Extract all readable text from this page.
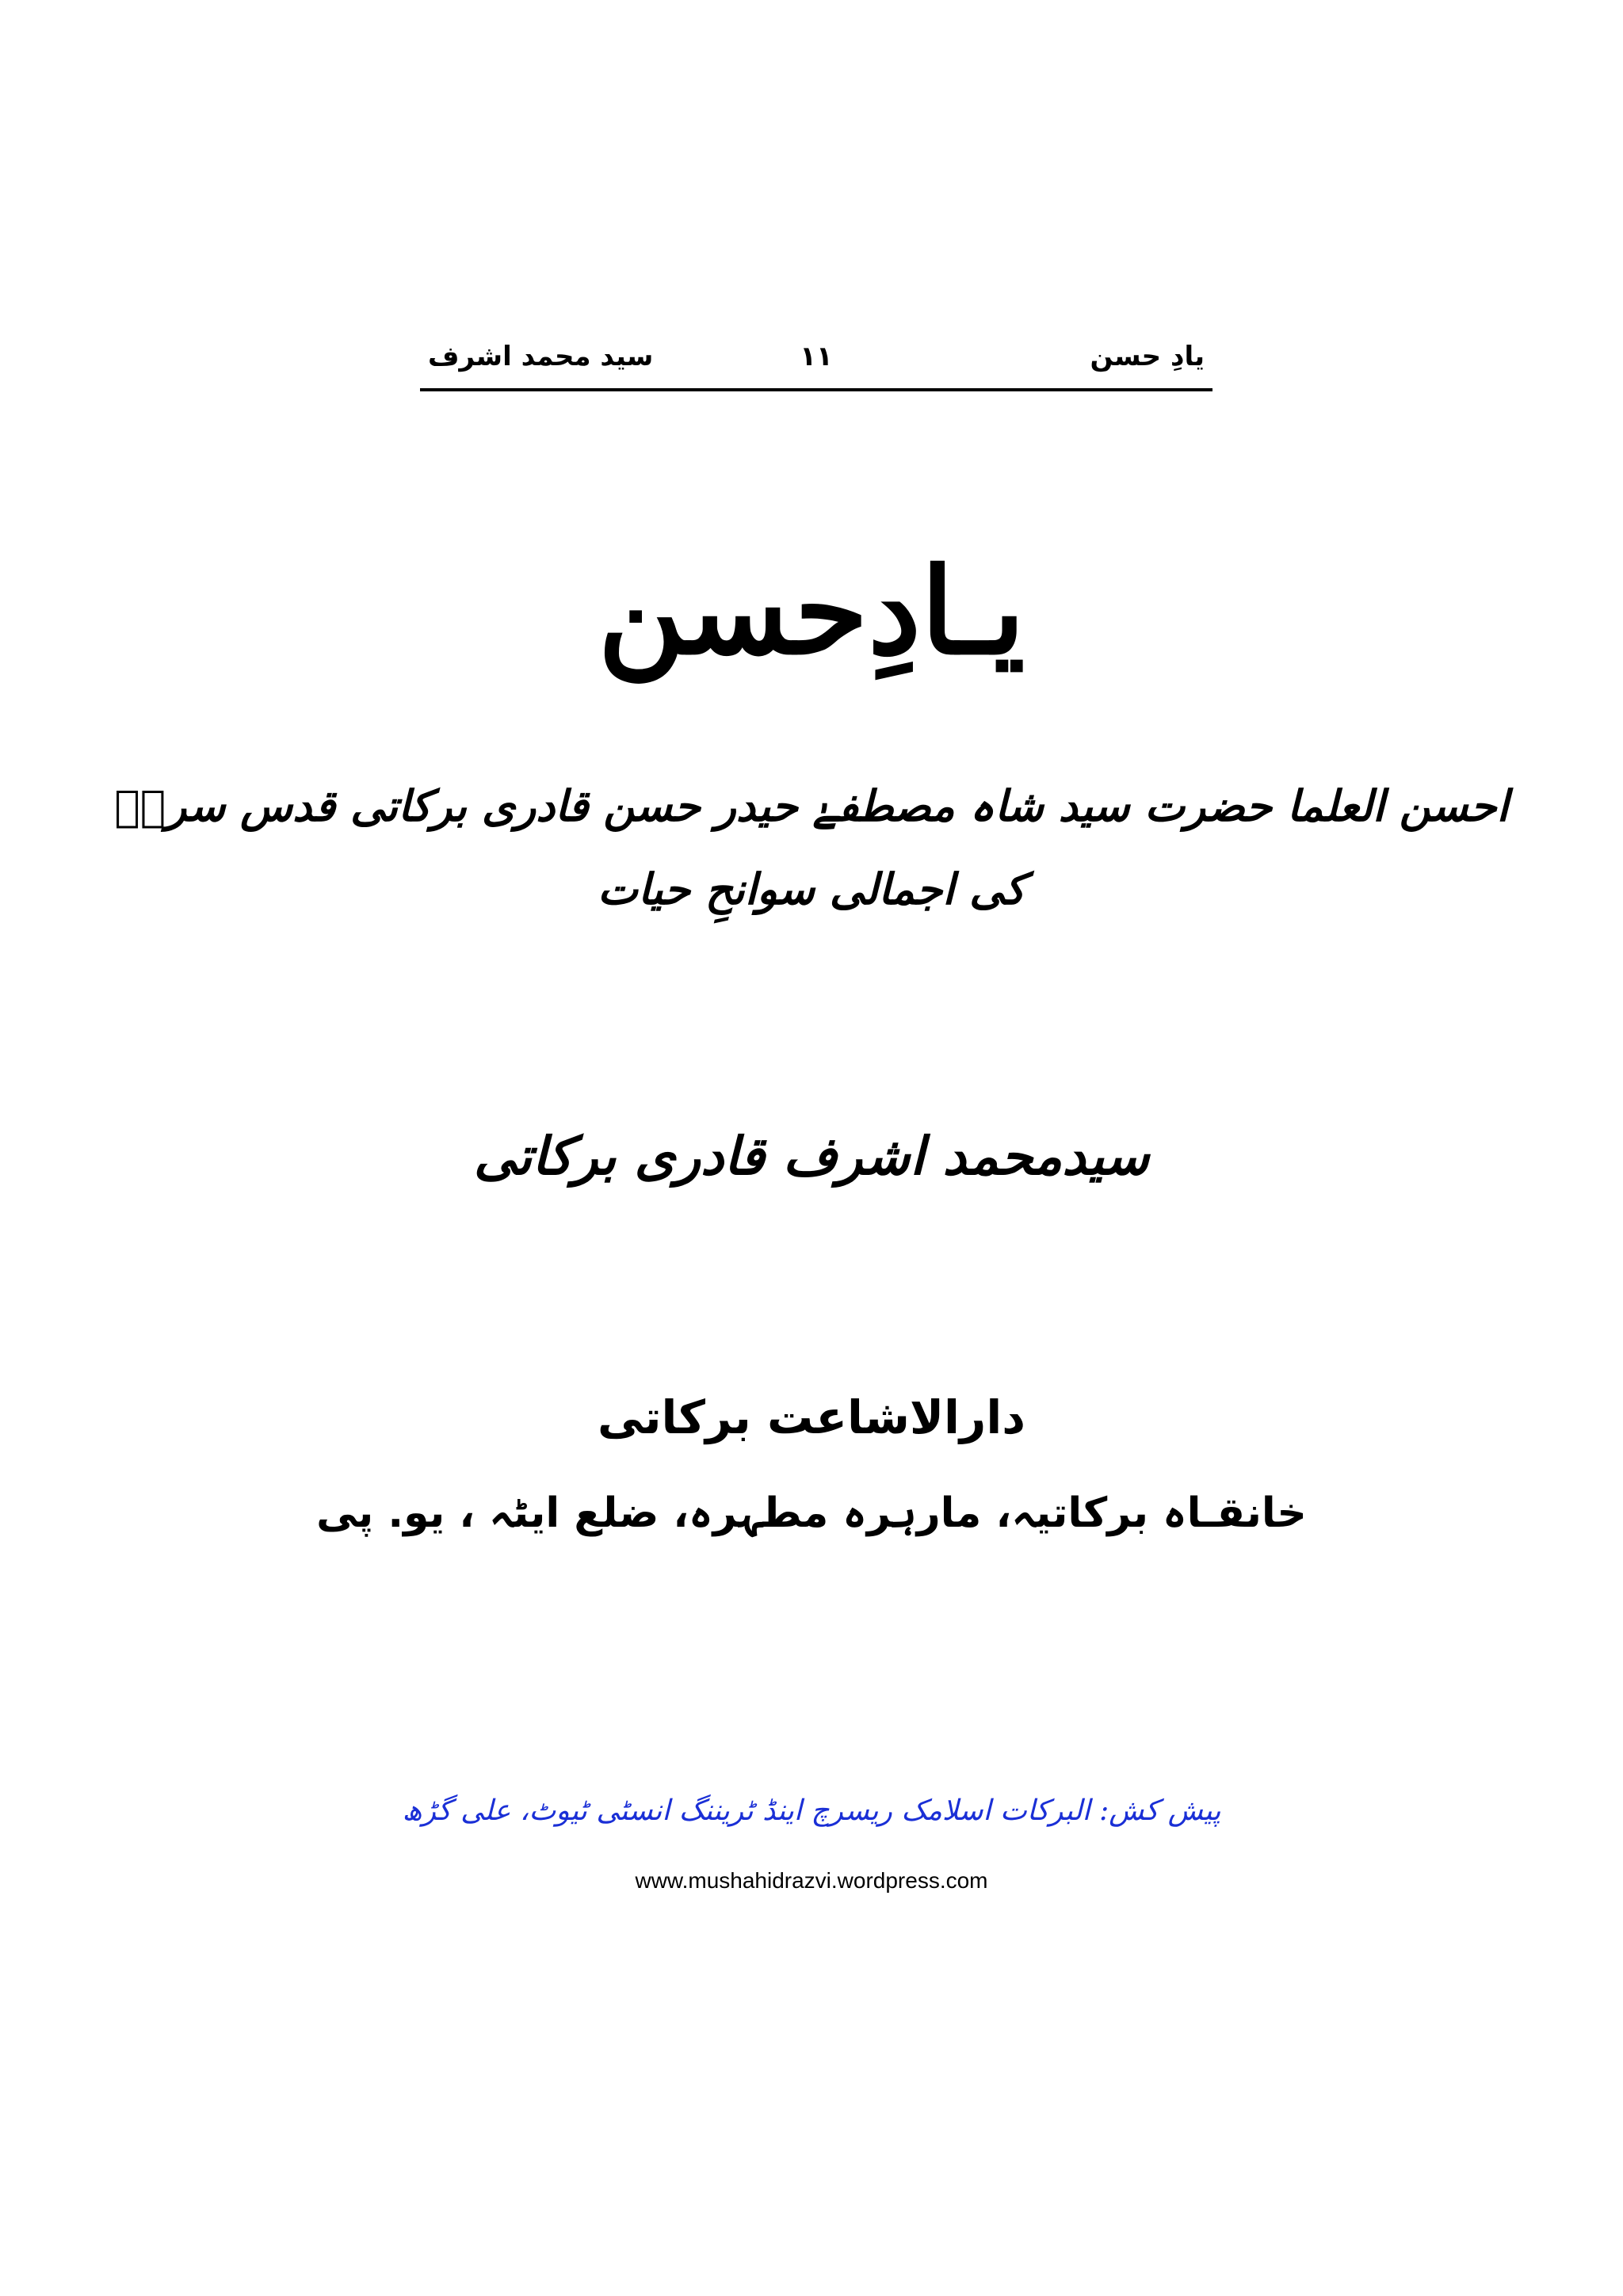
سید محمد اشرف	۱۱	یادِ حسن
یـادِحسن
احسن العلما حضرت سید شاہ مصطفےٰ حیدر حسن قادری برکاتی قدس سرہٗ
کی اجمالی سوانحِ حیات
سیدمحمد اشرف قادری برکاتی
دارالاشاعت برکاتی
خانقـاہ برکاتیہ، مارہرہ مطہرہ، ضلع ایٹہ ، یو. پی
پیش کش: البرکات اسلامک ریسرچ اینڈ ٹریننگ انسٹی ٹیوٹ، علی گڑھ
www.mushahidrazvi.wordpress.com
